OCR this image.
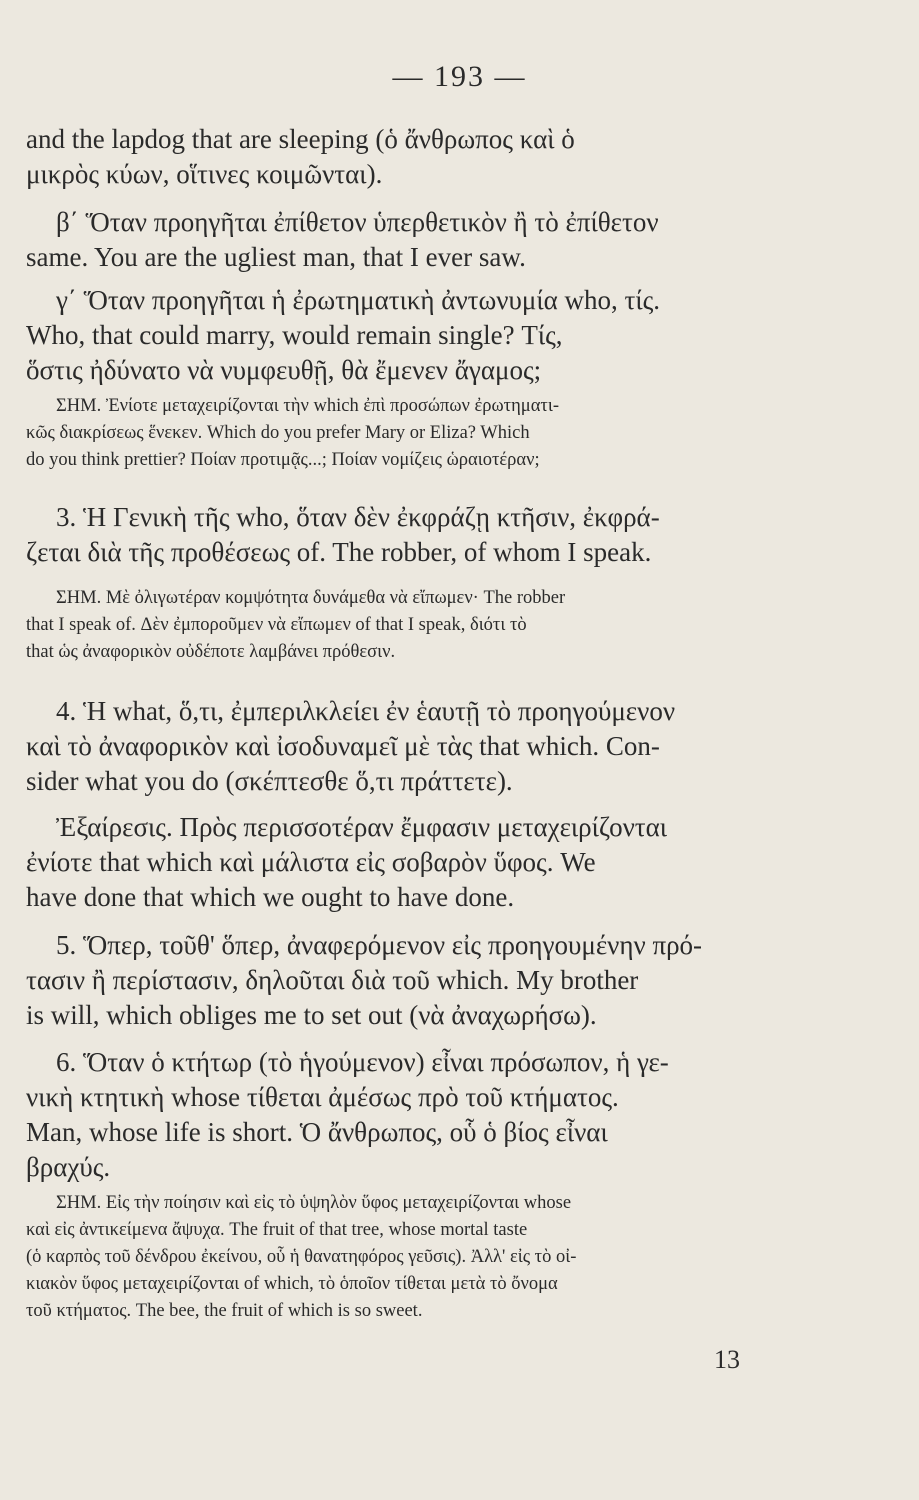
— 193 —

and the lapdog that are sleeping (ὁ ἄνθρωπος καὶ ὁ
μικρὸς κύων, οἵτινες κοιμῶνται).

β΄ Ὅταν προηγῆται ἐπίθετον ὑπερθετικὸν ἢ τὸ ἐπίθετον
same. You are the ugliest man, that I ever saw.

γ΄ Ὅταν προηγῆται ἡ ἐρωτηματικὴ ἀντωνυμία who, τίς.
Who, that could marry, would remain single? Τίς,
ὅστις ἠδύνατο νὰ νυμφευθῇ, θὰ ἔμενεν ἄγαμος;

ΣΗΜ. Ἐνίοτε μεταχειρίζονται τὴν which ἐπὶ προσώπων ἐρωτηματι-
κῶς διακρίσεως ἕνεκεν. Which do you prefer Mary or Eliza? Which
do you think prettier? Ποίαν προτιμᾷς...; Ποίαν νομίζεις ὡραιοτέραν;

3. Ἡ Γενικὴ τῆς who, ὅταν δὲν ἐκφράζῃ κτῆσιν, ἐκφρά-
ζεται διὰ τῆς προθέσεως of. The robber, of whom I speak.

ΣΗΜ. Μὲ ὀλιγωτέραν κομψότητα δυνάμεθα νὰ εἴπωμεν· The robber
that I speak of. Δὲν ἐμποροῦμεν νὰ εἴπωμεν of that I speak, διότι τὸ
that ὡς ἀναφορικὸν οὐδέποτε λαμβάνει πρόθεσιν.

4. Ἡ what, ὅ,τι, ἐμπεριλκλείει ἐν ἑαυτῇ τὸ προηγούμενον
καὶ τὸ ἀναφορικὸν καὶ ἰσοδυναμεῖ μὲ τὰς that which. Con-
sider what you do (σκέπτεσθε ὅ,τι πράττετε).

Ἐξαίρεσις. Πρὸς περισσοτέραν ἔμφασιν μεταχειρίζονται
ἐνίοτε that which καὶ μάλιστα εἰς σοβαρὸν ὕφος. We
have done that which we ought to have done.

5. Ὅπερ, τοῦθ' ὅπερ, ἀναφερόμενον εἰς προηγουμένην πρό-
τασιν ἢ περίστασιν, δηλοῦται διὰ τοῦ which. My brother
is will, which obliges me to set out (νὰ ἀναχωρήσω).

6. Ὅταν ὁ κτήτωρ (τὸ ἡγούμενον) εἶναι πρόσωπον, ἡ γε-
νικὴ κτητικὴ whose τίθεται ἀμέσως πρὸ τοῦ κτήματος.
Man, whose life is short. Ὁ ἄνθρωπος, οὗ ὁ βίος εἶναι
βραχύς.

ΣΗΜ. Εἰς τὴν ποίησιν καὶ εἰς τὸ ὑψηλὸν ὕφος μεταχειρίζονται whose
καὶ εἰς ἀντικείμενα ἄψυχα. The fruit of that tree, whose mortal taste
(ὁ καρπὸς τοῦ δένδρου ἐκείνου, οὗ ἡ θανατηφόρος γεῦσις). Ἀλλ' εἰς τὸ οἰ-
κιακὸν ὕφος μεταχειρίζονται of which, τὸ ὁποῖον τίθεται μετὰ τὸ ὄνομα
τοῦ κτήματος. The bee, the fruit of which is so sweet.

13
